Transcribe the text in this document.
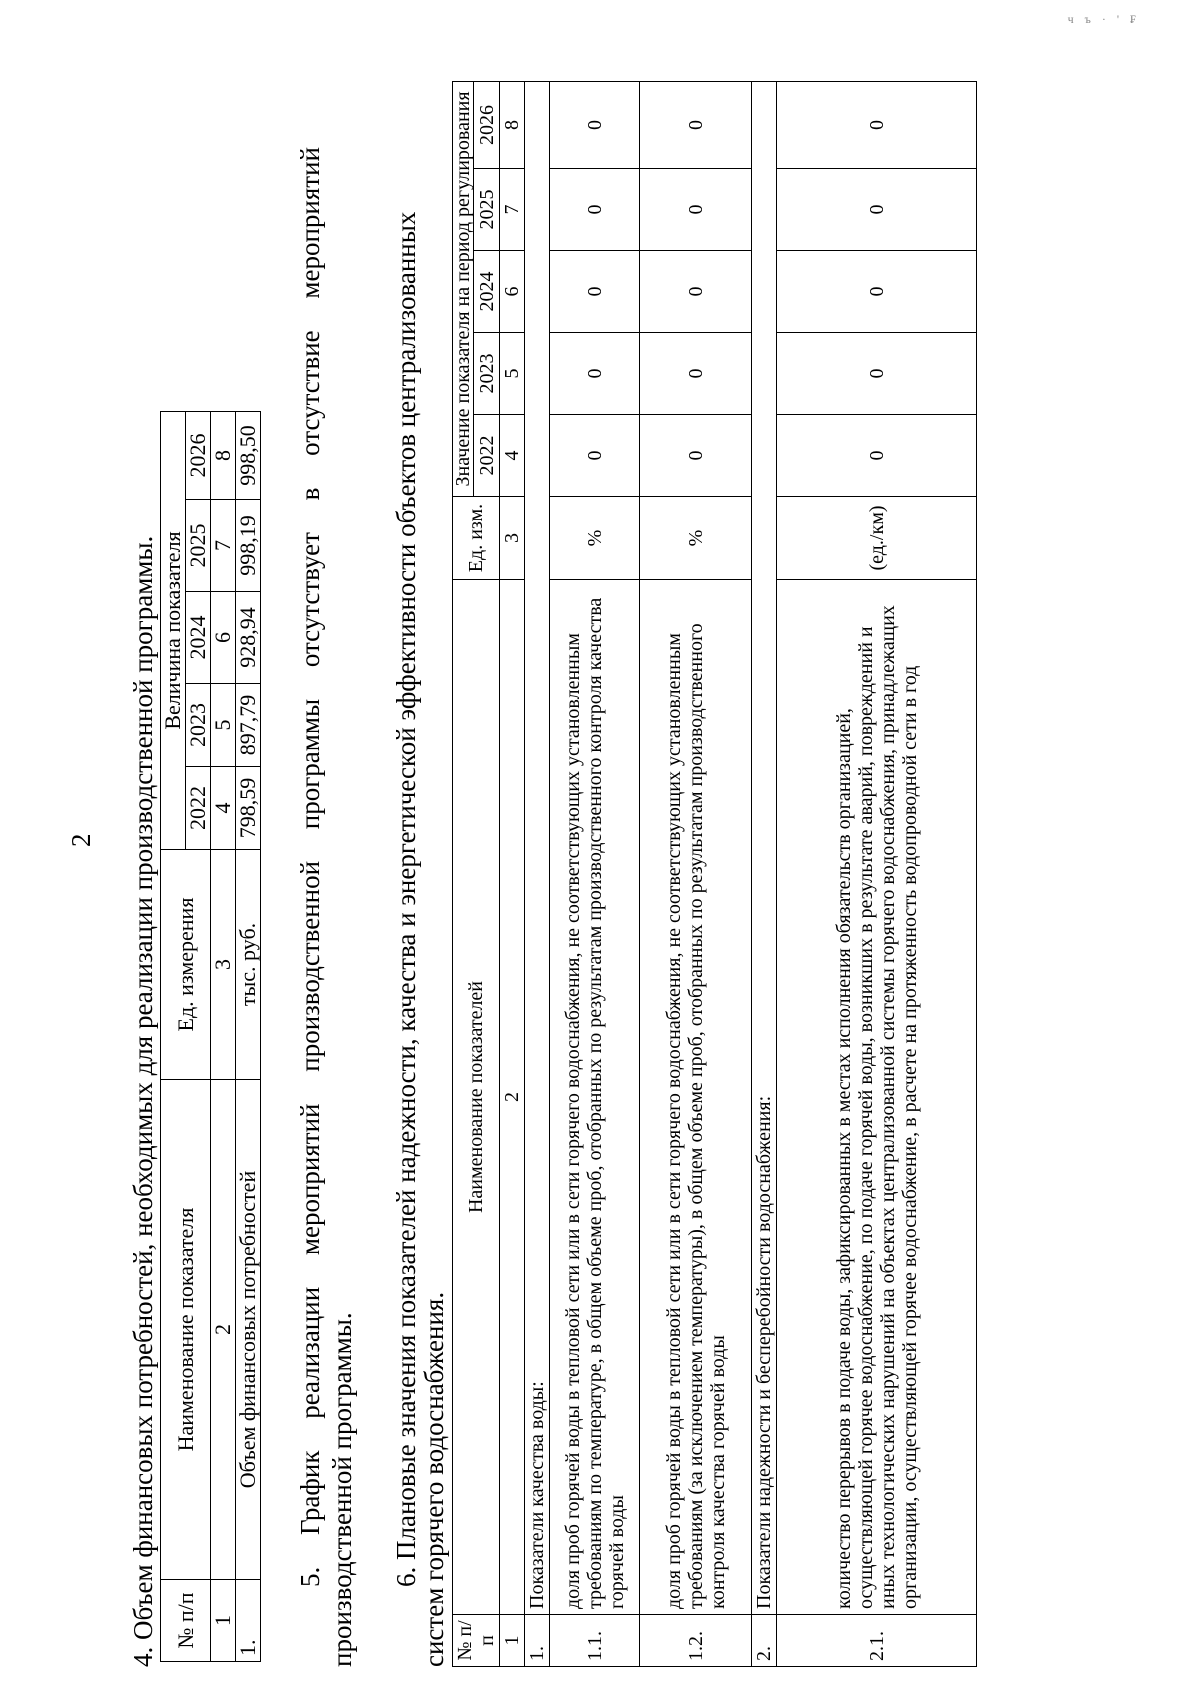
ч ъ · ' ₣
2 4. Объем финансовых потребностей, необходимых для реализации производственной программы. № п/п	Наименование показателя	Ед. измерения	Величина показателя				
			2022	2023	2024	2025	2026
1	2	3	4	5	6	7	8
1.	Объем финансовых потребностей	тыс. руб.	798,59	897,79	928,94	998,19	998,50 5. График реализации мероприятий производственной программы отсутствует в отсутствие мероприятий производственной программы. 6. Плановые значения показателей надежности, качества и энергетической эффективности объектов централизованных
систем горячего водоснабжения. № п/п	Наименование показателей	Ед. изм.	Значение показателя на период регулирования				
			2022	2023	2024	2025	2026
1	2	3	4	5	6	7	8
1.	Показатели качества воды:						
1.1.	доля проб горячей воды в тепловой сети или в сети горячего водоснабжения, не соответствующих установленным требованиям по температуре, в общем объеме проб, отобранных по результатам производственного контроля качества горячей воды	%	0	0	0	0	0
1.2.	доля проб горячей воды в тепловой сети или в сети горячего водоснабжения, не соответствующих установленным требованиям (за исключением температуры), в общем объеме проб, отобранных по результатам производственного контроля качества горячей воды	%	0	0	0	0	0
2.	Показатели надежности и бесперебойности водоснабжения:						
2.1.	количество перерывов в подаче воды, зафиксированных в местах исполнения обязательств организацией, осуществляющей горячее водоснабжение, по подаче горячей воды, возникших в результате аварий, повреждений и иных технологических нарушений на объектах централизованной системы горячего водоснабжения, принадлежащих организации, осуществляющей горячее водоснабжение, в расчете на протяженность водопроводной сети в год	(ед./км)	0	0	0	0	0
